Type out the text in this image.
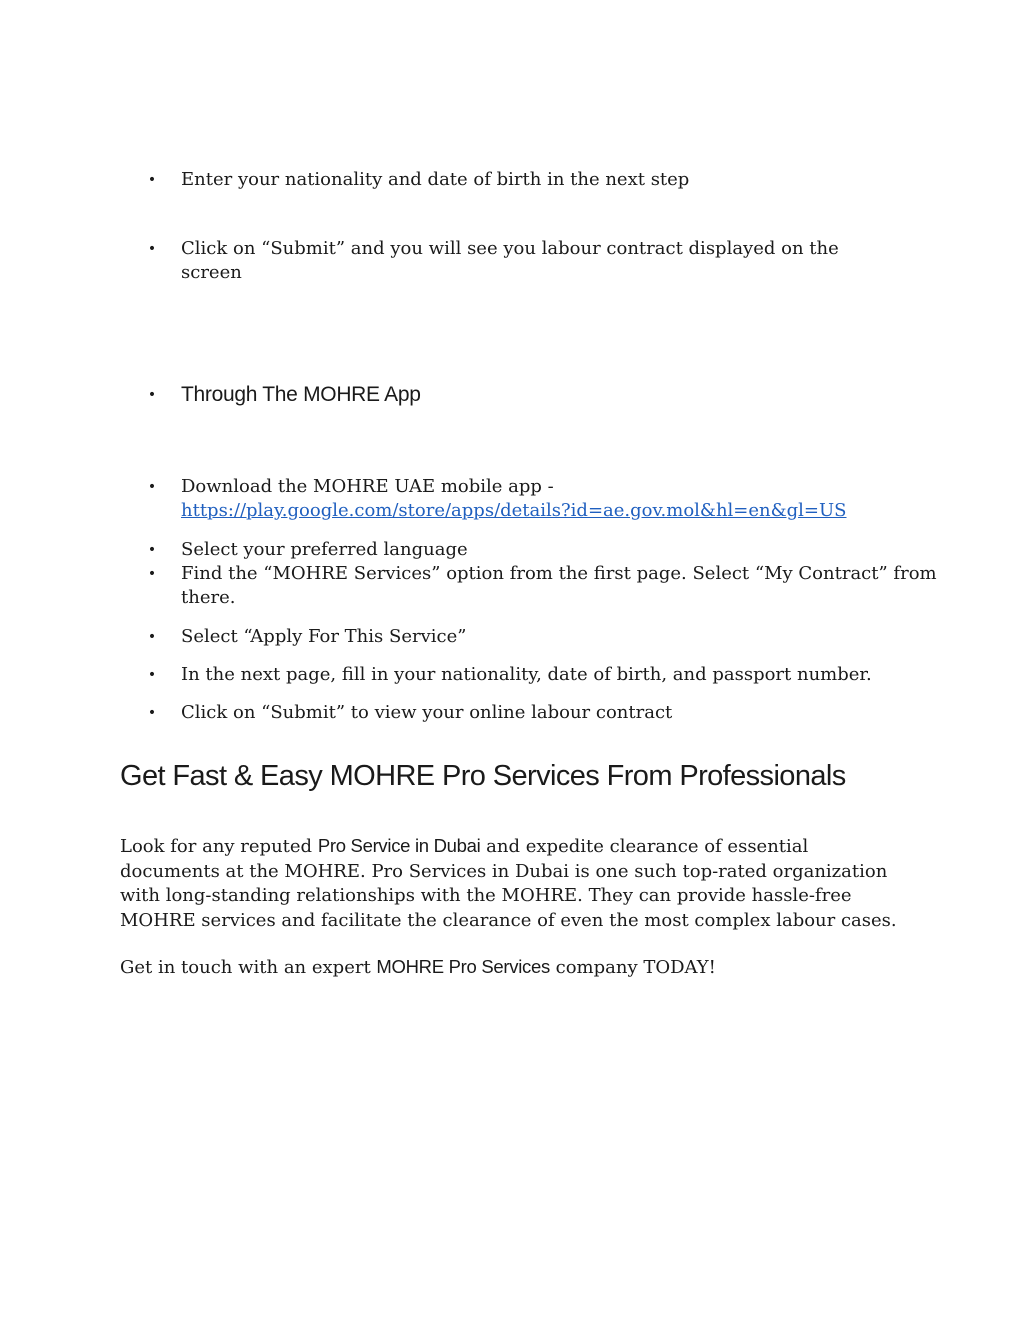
• Enter your nationality and date of birth in the next step
• Click on “Submit” and you will see you labour contract displayed on the screen
• Through The MOHRE App
• Download the MOHRE UAE mobile app -
https://play.google.com/store/apps/details?id=ae.gov.mol&hl=en&gl=US
• Select your preferred language
• Find the “MOHRE Services” option from the first page. Select “My Contract” from
there.
• Select “Apply For This Service”
• In the next page, fill in your nationality, date of birth, and passport number.
• Click on “Submit” to view your online labour contract
Get Fast & Easy MOHRE Pro Services From Professionals

Look for any reputed Pro Service in Dubai and expedite clearance of essential documents at the MOHRE. Pro Services in Dubai is one such top-rated organization with long-standing relationships with the MOHRE. They can provide hassle-free MOHRE services and facilitate the clearance of even the most complex labour cases.

Get in touch with an expert MOHRE Pro Services company TODAY!
